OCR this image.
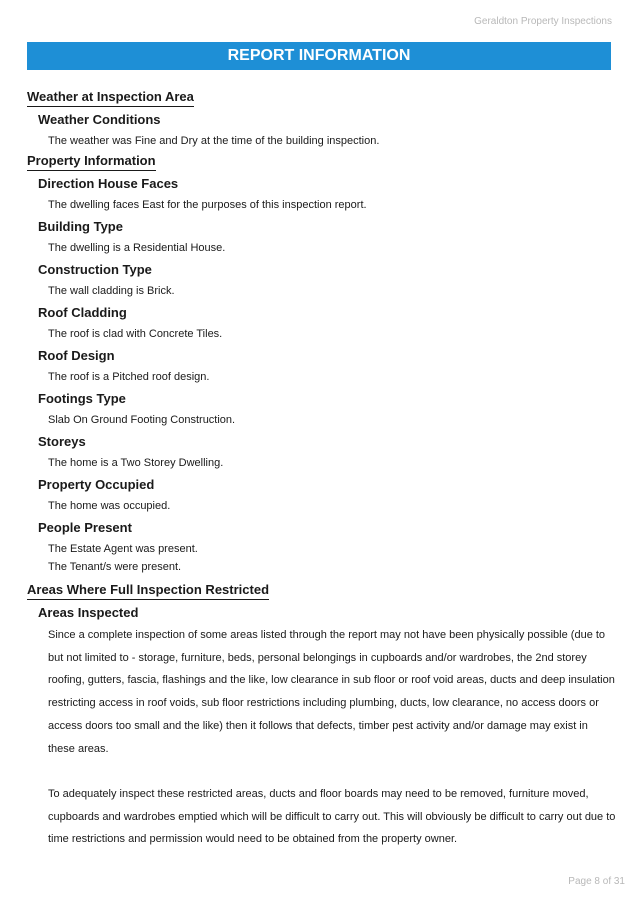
Geraldton Property Inspections
REPORT INFORMATION
Weather at Inspection Area
Weather Conditions
The weather was Fine and Dry at the time of the building inspection.
Property Information
Direction House Faces
The dwelling faces East for the purposes of this inspection report.
Building Type
The dwelling is a Residential House.
Construction Type
The wall cladding is Brick.
Roof Cladding
The roof is clad with Concrete Tiles.
Roof Design
The roof is a Pitched roof design.
Footings Type
Slab On Ground Footing Construction.
Storeys
The home is a Two Storey Dwelling.
Property Occupied
The home was occupied.
People Present
The Estate Agent was present.
The Tenant/s were present.
Areas Where Full Inspection Restricted
Areas Inspected

Since a complete inspection of some areas listed through the report may not have been physically possible (due to but not limited to - storage, furniture, beds, personal belongings in cupboards and/or wardrobes, the 2nd storey roofing, gutters, fascia, flashings and the like, low clearance in sub floor or roof void areas, ducts and deep insulation restricting access in roof voids, sub floor restrictions including plumbing, ducts, low clearance, no access doors or access doors too small and the like) then it follows that defects, timber pest activity and/or damage may exist in these areas.

To adequately inspect these restricted areas, ducts and floor boards may need to be removed, furniture moved, cupboards and wardrobes emptied which will be difficult to carry out. This will obviously be difficult to carry out due to time restrictions and permission would need to be obtained from the property owner.

Page 8 of 31
